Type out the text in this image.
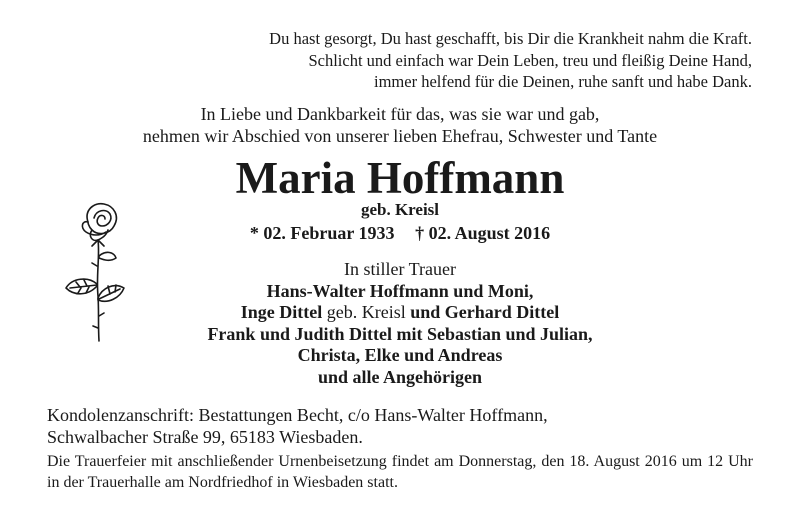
Du hast gesorgt, Du hast geschafft, bis Dir die Krankheit nahm die Kraft.
Schlicht und einfach war Dein Leben, treu und fleißig Deine Hand,
immer helfend für die Deinen, ruhe sanft und habe Dank.
In Liebe und Dankbarkeit für das, was sie war und gab,
nehmen wir Abschied von unserer lieben Ehefrau, Schwester und Tante
Maria Hoffmann
geb. Kreisl
* 02. Februar 1933 † 02. August 2016
In stiller Trauer
Hans-Walter Hoffmann und Moni,
Inge Dittel geb. Kreisl und Gerhard Dittel
Frank und Judith Dittel mit Sebastian und Julian,
Christa, Elke und Andreas
und alle Angehörigen
Kondolenzanschrift: Bestattungen Becht, c/o Hans-Walter Hoffmann,
Schwalbacher Straße 99, 65183 Wiesbaden.
Die Trauerfeier mit anschließender Urnenbeisetzung findet am Donnerstag, den 18. August 2016 um 12 Uhr in der Trauerhalle am Nordfriedhof in Wiesbaden statt.
